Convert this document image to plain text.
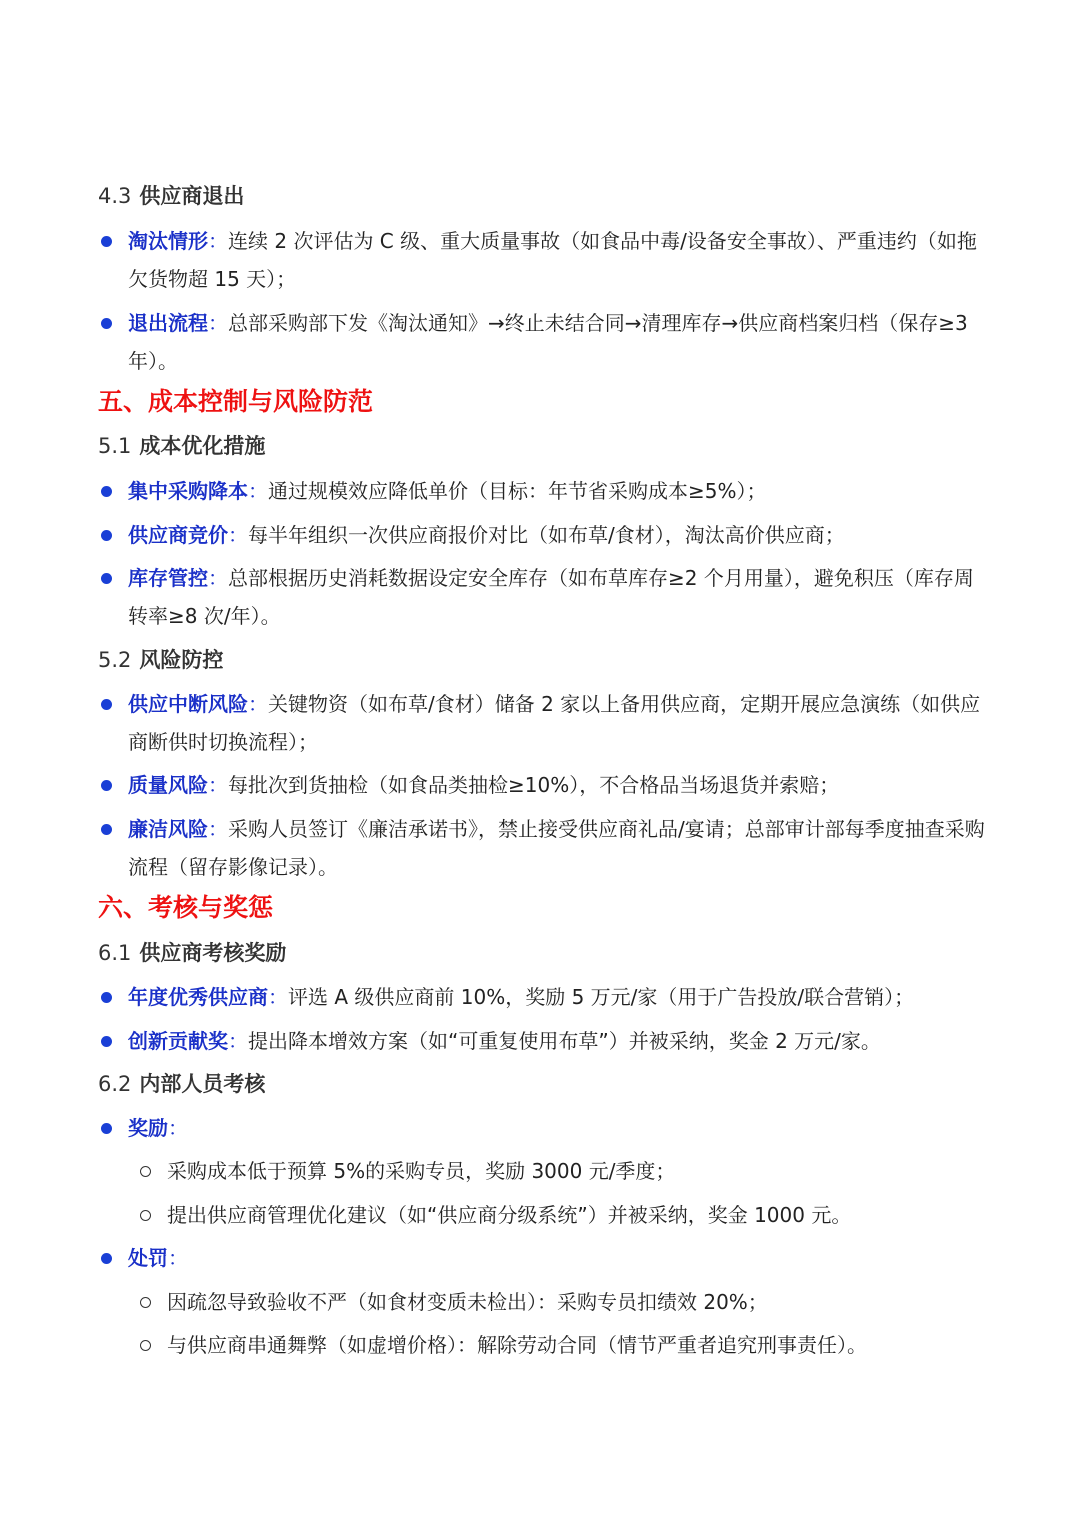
4.3 供应商退出
淘汰情形：连续 2 次评估为 C 级、重大质量事故（如食品中毒/设备安全事故）、严重违约（如拖欠货物超 15 天）；
退出流程：总部采购部下发《淘汰通知》→终止未结合同→清理库存→供应商档案归档（保存≥3 年）。
五、成本控制与风险防范
5.1 成本优化措施
集中采购降本：通过规模效应降低单价（目标：年节省采购成本≥5%）；
供应商竞价：每半年组织一次供应商报价对比（如布草/食材），淘汰高价供应商；
库存管控：总部根据历史消耗数据设定安全库存（如布草库存≥2 个月用量），避免积压（库存周转率≥8 次/年）。
5.2 风险防控
供应中断风险：关键物资（如布草/食材）储备 2 家以上备用供应商，定期开展应急演练（如供应商断供时切换流程）；
质量风险：每批次到货抽检（如食品类抽检≥10%），不合格品当场退货并索赔；
廉洁风险：采购人员签订《廉洁承诺书》，禁止接受供应商礼品/宴请；总部审计部每季度抽查采购流程（留存影像记录）。
六、考核与奖惩
6.1 供应商考核奖励
年度优秀供应商：评选 A 级供应商前 10%，奖励 5 万元/家（用于广告投放/联合营销）；
创新贡献奖：提出降本增效方案（如“可重复使用布草”）并被采纳，奖金 2 万元/家。
6.2 内部人员考核
奖励：
采购成本低于预算 5%的采购专员，奖励 3000 元/季度；
提出供应商管理优化建议（如“供应商分级系统”）并被采纳，奖金 1000 元。
处罚：
因疏忽导致验收不严（如食材变质未检出）：采购专员扣绩效 20%；
与供应商串通舞弊（如虚增价格）：解除劳动合同（情节严重者追究刑事责任）。
